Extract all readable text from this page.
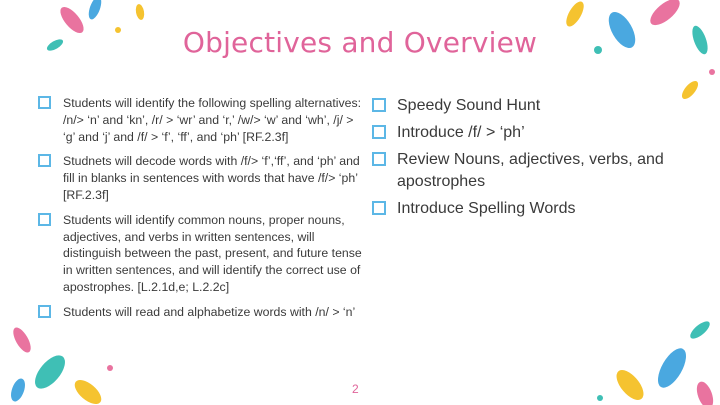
Objectives and Overview
Students will identify the following spelling alternatives: /n/> ‘n’ and ‘kn’, /r/ > ‘wr’ and ‘r,’ /w/> ‘w’ and ‘wh’, /j/ > ‘g’ and ‘j’ and /f/ > ‘f’, ‘ff’, and ‘ph’ [RF.2.3f]
Studnets will decode words with /f/> ‘f’,‘ff’, and ‘ph’ and fill in blanks in sentences with words that have /f/> ‘ph’ [RF.2.3f]
Students will identify common nouns, proper nouns, adjectives, and verbs in written sentences, will distinguish between the past, present, and future tense in written sentences, and will identify the correct use of apostrophes. [L.2.1d,e; L.2.2c]
Students will read and alphabetize words with /n/ > ‘n’
Speedy Sound Hunt
Introduce /f/ > ‘ph’
Review Nouns, adjectives, verbs, and apostrophes
Introduce Spelling Words
2
